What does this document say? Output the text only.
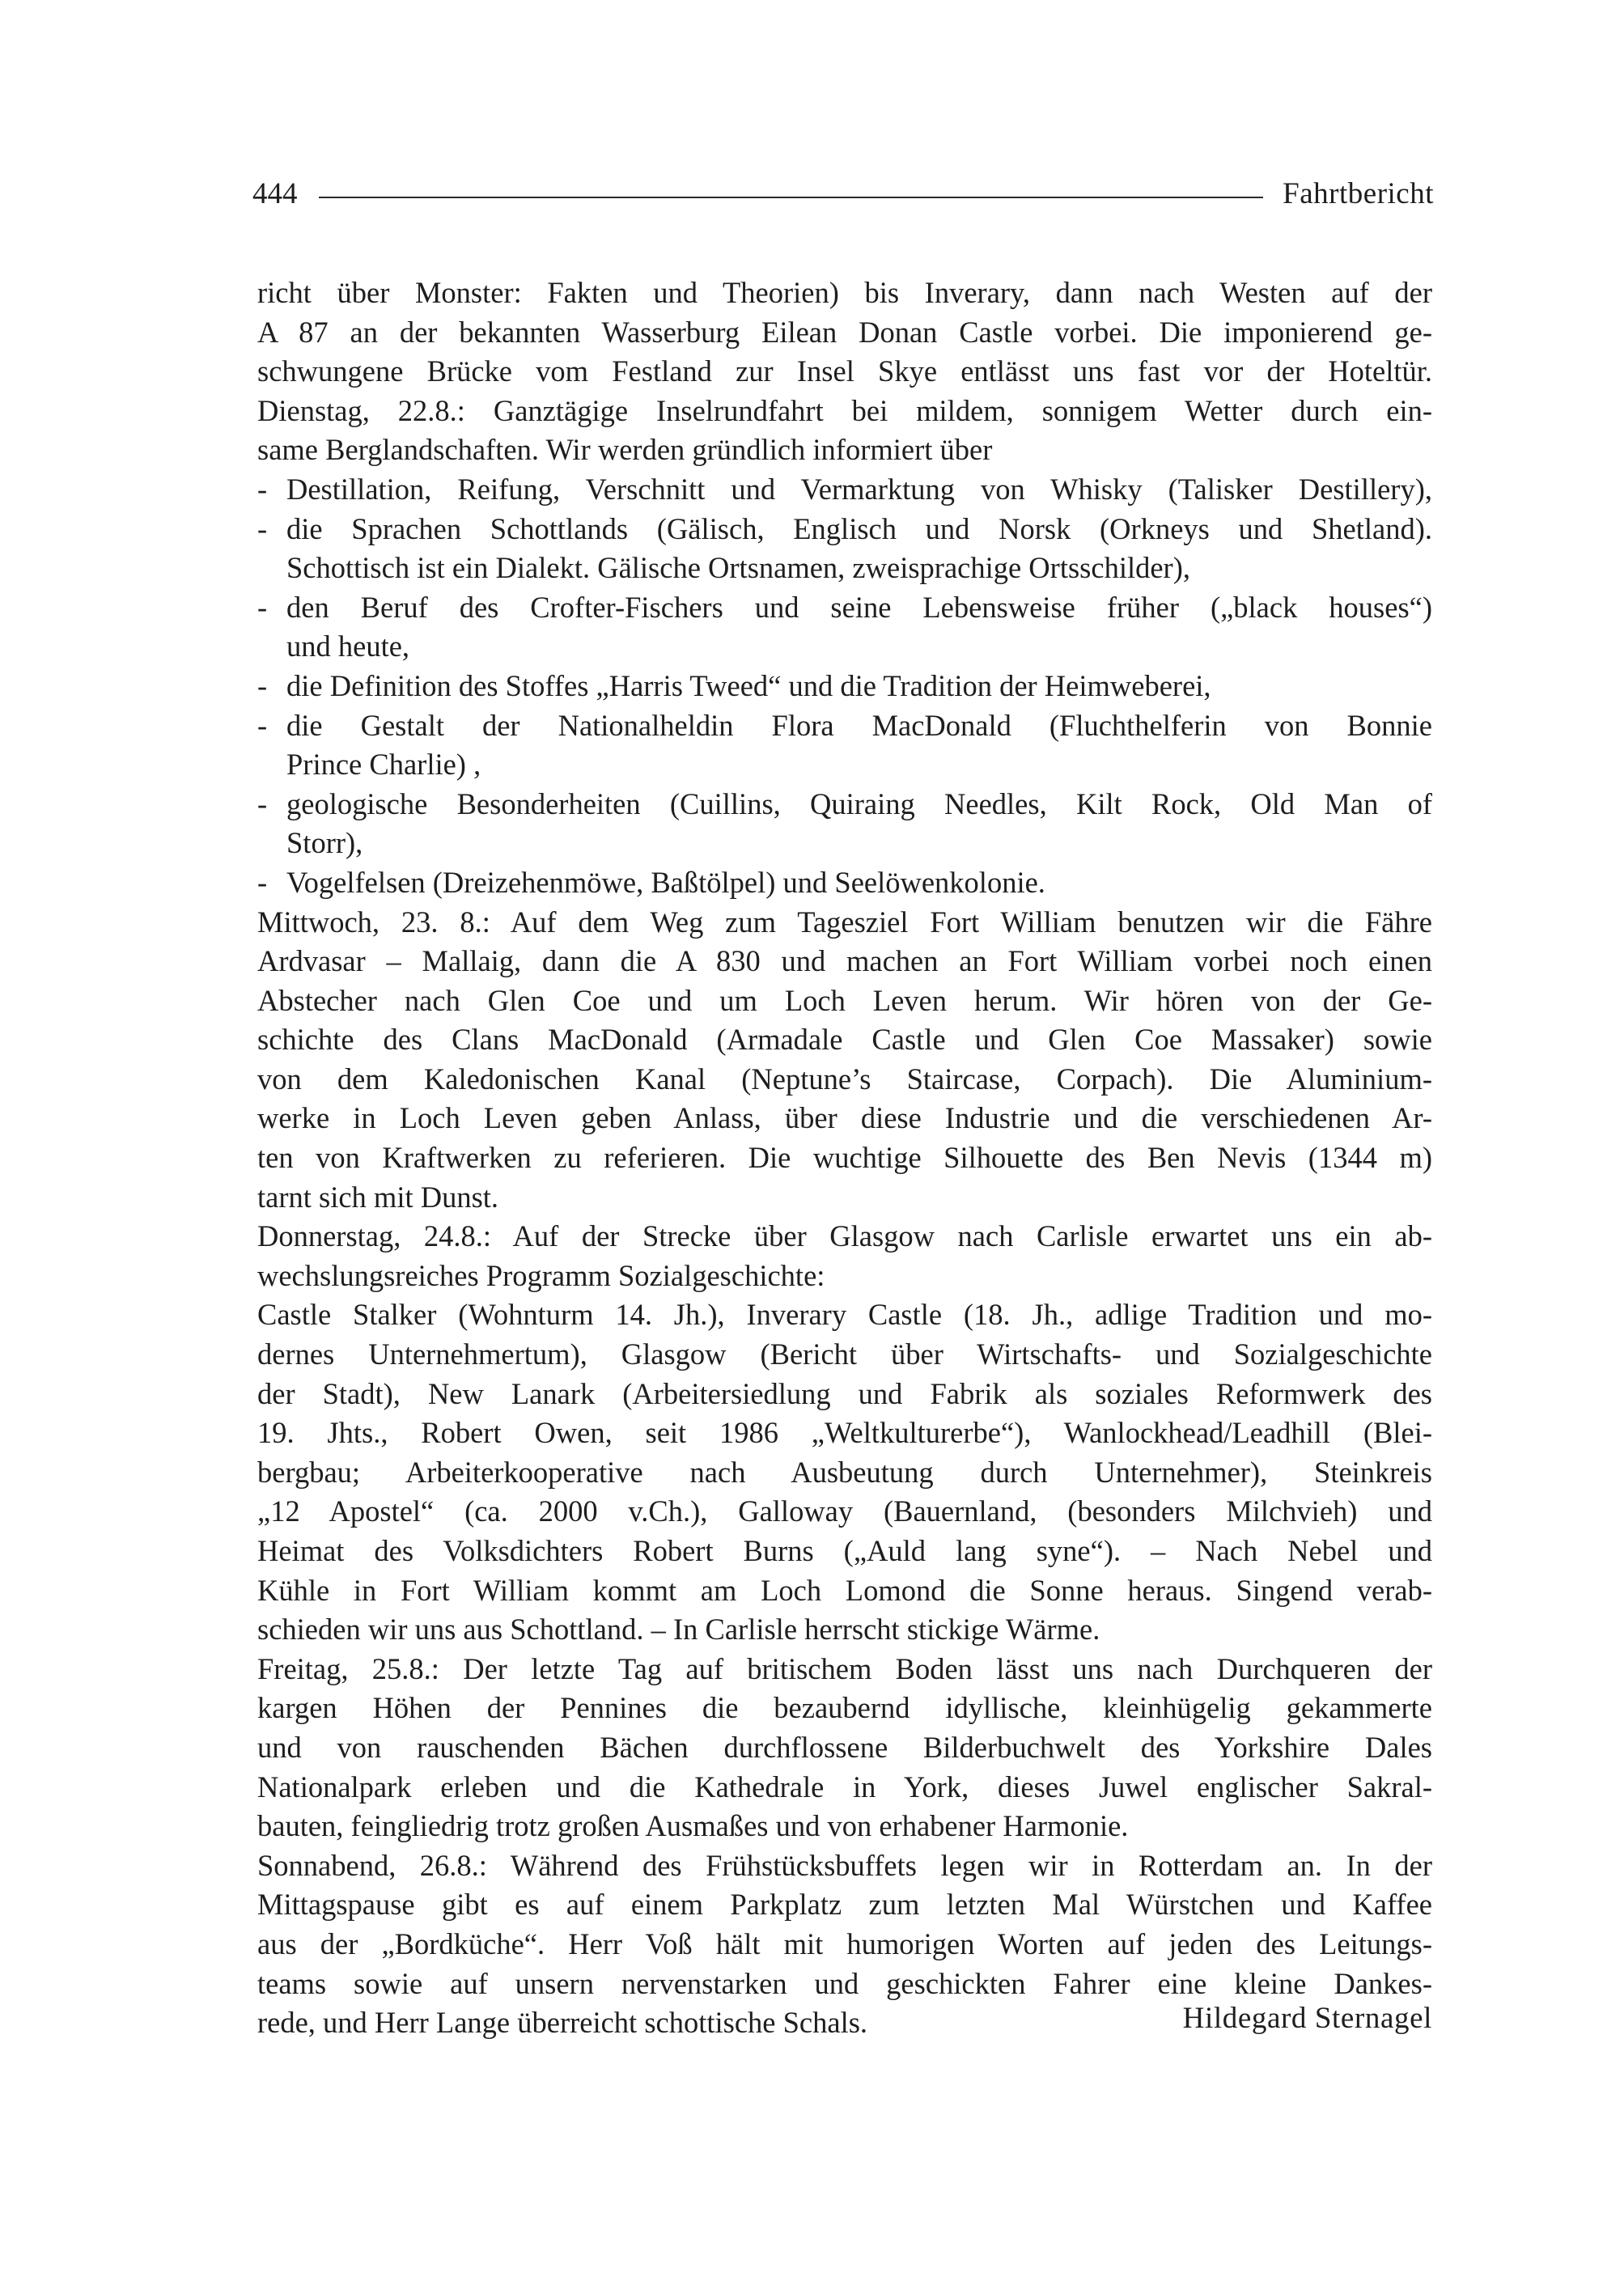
444	Fahrtbericht
richt über Monster: Fakten und Theorien) bis Inverary, dann nach Westen auf der
A 87 an der bekannten Wasserburg Eilean Donan Castle vorbei. Die imponierend ge-
schwungene Brücke vom Festland zur Insel Skye entlässt uns fast vor der Hoteltür.
Dienstag, 22.8.: Ganztägige Inselrundfahrt bei mildem, sonnigem Wetter durch ein-
same Berglandschaften. Wir werden gründlich informiert über
- Destillation, Reifung, Verschnitt und Vermarktung von Whisky (Talisker Destillery),
- die Sprachen Schottlands (Gälisch, Englisch und Norsk (Orkneys und Shetland).
Schottisch ist ein Dialekt. Gälische Ortsnamen, zweisprachige Ortsschilder),
- den Beruf des Crofter-Fischers und seine Lebensweise früher („black houses“)
und heute,
- die Definition des Stoffes „Harris Tweed“ und die Tradition der Heimweberei,
- die Gestalt der Nationalheldin Flora MacDonald (Fluchthelferin von Bonnie
Prince Charlie) ,
- geologische Besonderheiten (Cuillins, Quiraing Needles, Kilt Rock, Old Man of
Storr),
- Vogelfelsen (Dreizehenmöwe, Baßtölpel) und Seelöwenkolonie.
Mittwoch, 23. 8.: Auf dem Weg zum Tagesziel Fort William benutzen wir die Fähre
Ardvasar – Mallaig, dann die A 830 und machen an Fort William vorbei noch einen
Abstecher nach Glen Coe und um Loch Leven herum. Wir hören von der Ge-
schichte des Clans MacDonald (Armadale Castle und Glen Coe Massaker) sowie
von dem Kaledonischen Kanal (Neptune’s Staircase, Corpach). Die Aluminium-
werke in Loch Leven geben Anlass, über diese Industrie und die verschiedenen Ar-
ten von Kraftwerken zu referieren. Die wuchtige Silhouette des Ben Nevis (1344 m)
tarnt sich mit Dunst.
Donnerstag, 24.8.: Auf der Strecke über Glasgow nach Carlisle erwartet uns ein ab-
wechslungsreiches Programm Sozialgeschichte:
Castle Stalker (Wohnturm 14. Jh.), Inverary Castle (18. Jh., adlige Tradition und mo-
dernes Unternehmertum), Glasgow (Bericht über Wirtschafts- und Sozialgeschichte
der Stadt), New Lanark (Arbeitersiedlung und Fabrik als soziales Reformwerk des
19. Jhts., Robert Owen, seit 1986 „Weltkulturerbe“), Wanlockhead/Leadhill (Blei-
bergbau; Arbeiterkooperative nach Ausbeutung durch Unternehmer), Steinkreis
„12 Apostel“ (ca. 2000 v.Ch.), Galloway (Bauernland, (besonders Milchvieh) und
Heimat des Volksdichters Robert Burns („Auld lang syne“). – Nach Nebel und
Kühle in Fort William kommt am Loch Lomond die Sonne heraus. Singend verab-
schieden wir uns aus Schottland. – In Carlisle herrscht stickige Wärme.
Freitag, 25.8.: Der letzte Tag auf britischem Boden lässt uns nach Durchqueren der
kargen Höhen der Pennines die bezaubernd idyllische, kleinhügelig gekammerte
und von rauschenden Bächen durchflossene Bilderbuchwelt des Yorkshire Dales
Nationalpark erleben und die Kathedrale in York, dieses Juwel englischer Sakral-
bauten, feingliedrig trotz großen Ausmaßes und von erhabener Harmonie.
Sonnabend, 26.8.: Während des Frühstücksbuffets legen wir in Rotterdam an. In der
Mittagspause gibt es auf einem Parkplatz zum letzten Mal Würstchen und Kaffee
aus der „Bordküche“. Herr Voß hält mit humorigen Worten auf jeden des Leitungs-
teams sowie auf unsern nervenstarken und geschickten Fahrer eine kleine Dankes-
rede, und Herr Lange überreicht schottische Schals.	Hildegard Sternagel
